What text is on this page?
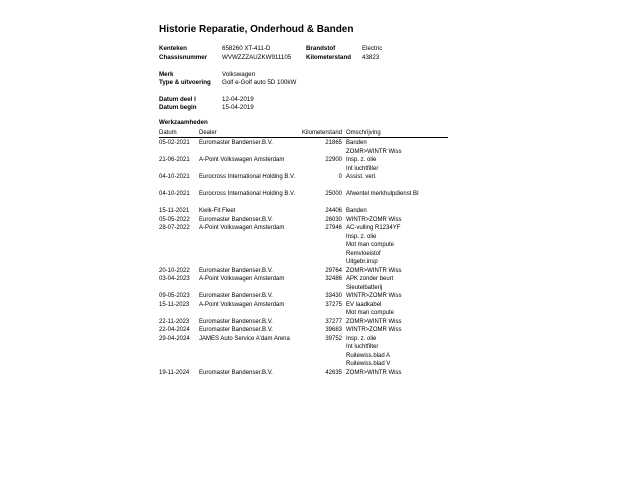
Historie Reparatie, Onderhoud & Banden
Kenteken	658260 XT-411-D
Chassisnummer WVWZZZAUZKW911105
Brandstof	Electric
Kilometerstand 43823
Merk	Volkswagen
Type & uitvoering Golf e-Golf auto 5D 100kW
Datum deel I	12-04-2019
Datum begin	15-04-2019
Werkzaamheden
Datum	Dealer	Kilometerstand Omschrijving
05-02-2021	Euromaster Bandenser.B.V.	21865 Banden
ZOMR>WINTR Wiss
21-06-2021	A-Point Volkswagen Amsterdam	22900 Insp. z. olie
Int luchtfilter
04-10-2021	Eurocross International Holding B.V.	0 Assist. verl.
04-10-2021	Eurocross International Holding B.V.	25000 Afwentel merkhulpdienst BI
15-11-2021	Kwik-Fit Fleet	24406 Banden
05-05-2022	Euromaster Bandenser.B.V.	26030 WINTR>ZOMR Wiss
28-07-2022	A-Point Volkswagen Amsterdam	27946 AC-vulling R1234YF
Insp. z. olie
Mot man compute
Remvloeistof
Uitgebr.insp
20-10-2022	Euromaster Bandenser.B.V.	29764 ZOMR>WINTR Wiss
03-04-2023	A-Point Volkswagen Amsterdam	32486 APK zonder beurt
Sleutelbatterij
09-05-2023	Euromaster Bandenser.B.V.	33430 WINTR>ZOMR Wiss
15-11-2023	A-Point Volkswagen Amsterdam	37275 EV laadkabel
Mot man compute
22-11-2023	Euromaster Bandenser.B.V.	37277 ZOMR>WINTR Wiss
22-04-2024	Euromaster Bandenser.B.V.	39683 WINTR>ZOMR Wiss
29-04-2024	JAMES Auto Service A'dam Arena	39752 Insp. z. olie
Int luchtfilter
Ruitewiss.blad A
Ruitewiss.blad V
19-11-2024	Euromaster Bandenser.B.V.	42635 ZOMR>WINTR Wiss
